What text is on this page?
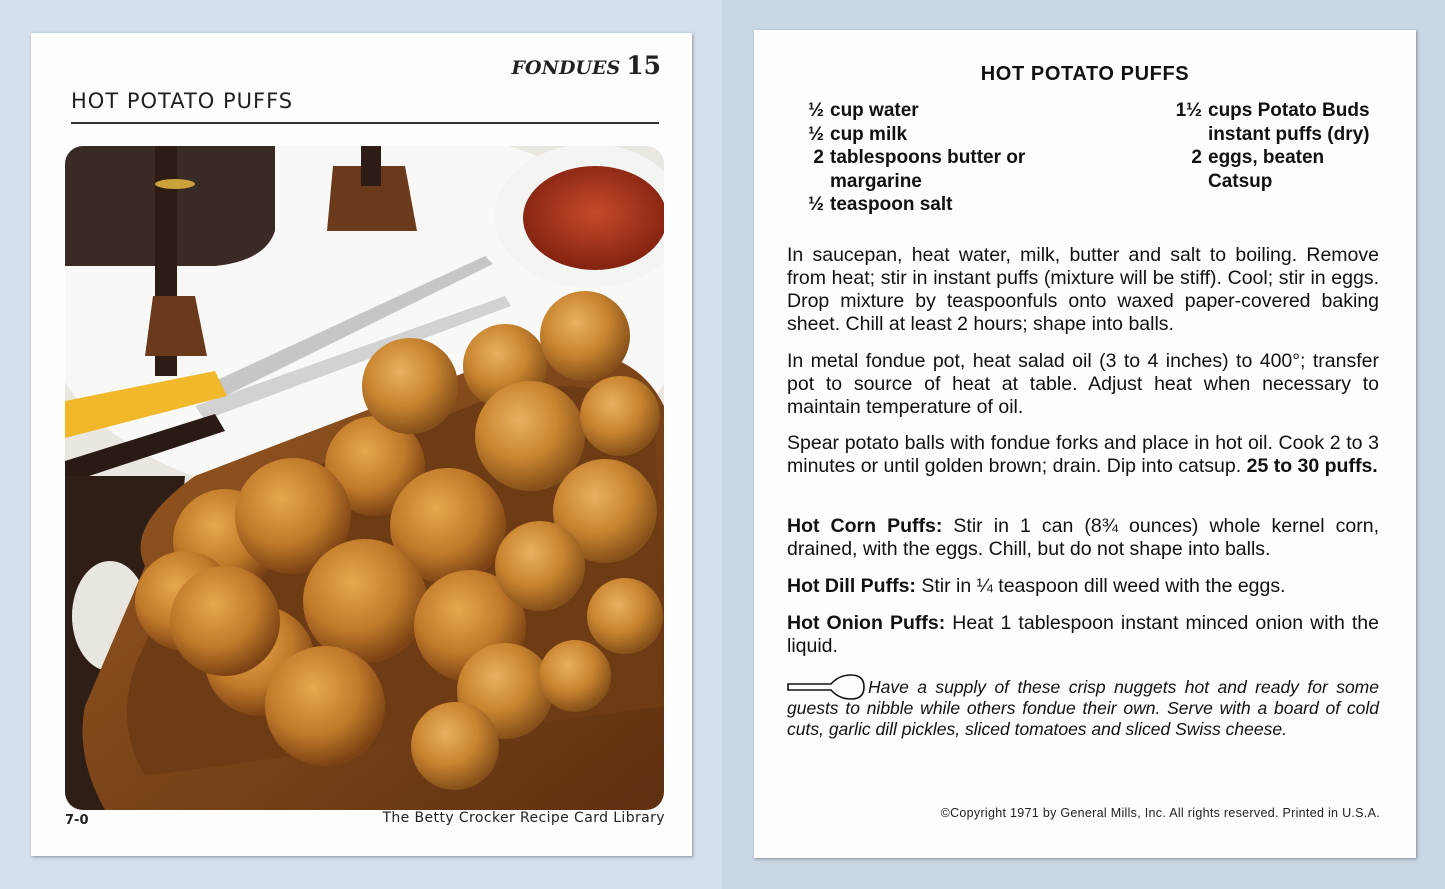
FONDUES 15
HOT POTATO PUFFS
7-0	The Betty Crocker Recipe Card Library
HOT POTATO PUFFS
½ cup water
½ cup milk
2 tablespoons butter or margarine
½ teaspoon salt
1½ cups Potato Buds instant puffs (dry)
2 eggs, beaten
Catsup

In saucepan, heat water, milk, butter and salt to boiling. Remove from heat; stir in instant puffs (mixture will be stiff). Cool; stir in eggs. Drop mixture by teaspoonfuls onto waxed paper-covered baking sheet. Chill at least 2 hours; shape into balls.

In metal fondue pot, heat salad oil (3 to 4 inches) to 400°; transfer pot to source of heat at table. Adjust heat when necessary to maintain temperature of oil.

Spear potato balls with fondue forks and place in hot oil. Cook 2 to 3 minutes or until golden brown; drain. Dip into catsup. 25 to 30 puffs.

Hot Corn Puffs: Stir in 1 can (8¾ ounces) whole kernel corn, drained, with the eggs. Chill, but do not shape into balls.

Hot Dill Puffs: Stir in ¼ teaspoon dill weed with the eggs.

Hot Onion Puffs: Heat 1 tablespoon instant minced onion with the liquid.

Have a supply of these crisp nuggets hot and ready for some guests to nibble while others fondue their own. Serve with a board of cold cuts, garlic dill pickles, sliced tomatoes and sliced Swiss cheese.

©Copyright 1971 by General Mills, Inc. All rights reserved. Printed in U.S.A.
